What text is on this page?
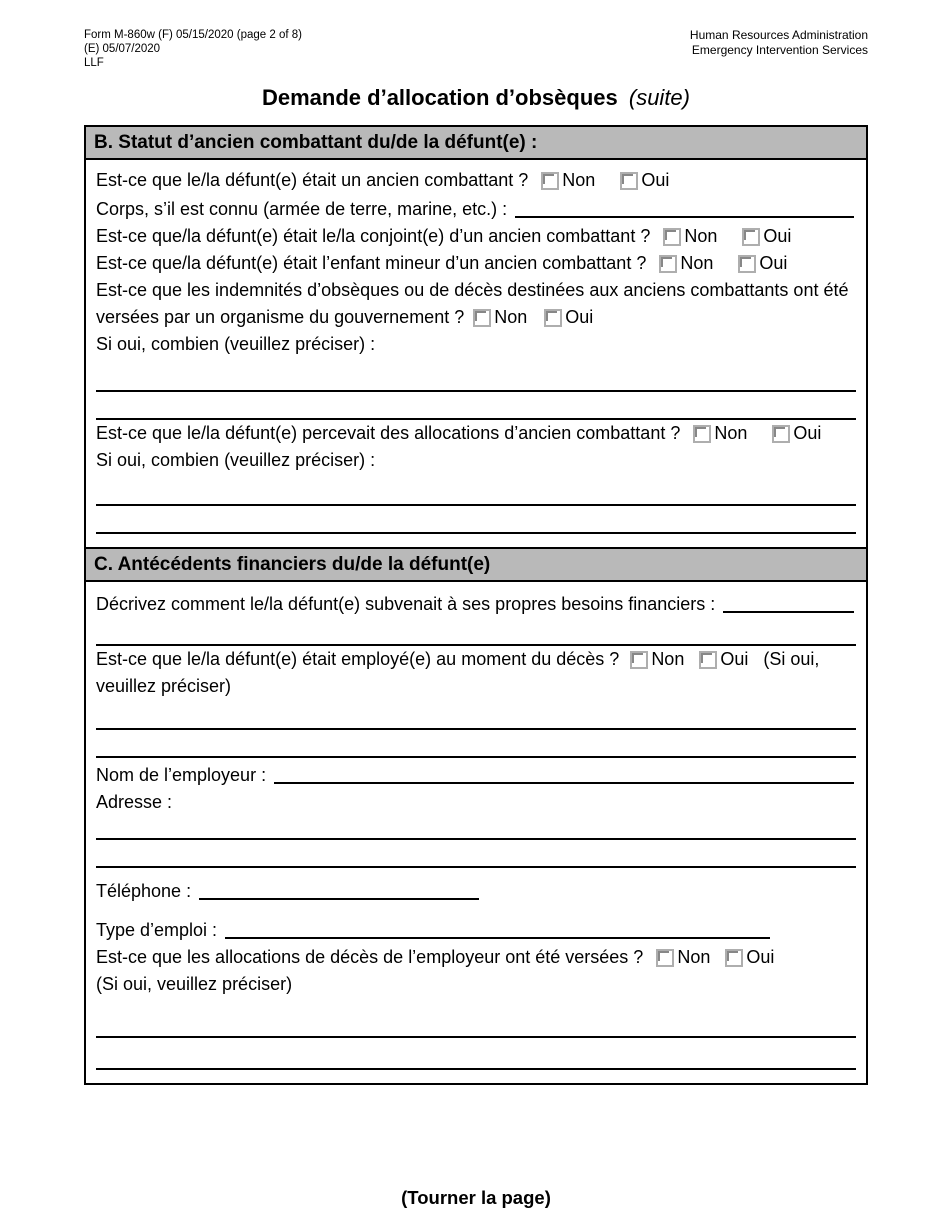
Form M-860w (F) 05/15/2020 (page 2 of 8)
(E) 05/07/2020
LLF
Human Resources Administration
Emergency Intervention Services
Demande d’allocation d’obsèques (suite)
B. Statut d’ancien combattant du/de la défunt(e) :

Est-ce que le/la défunt(e) était un ancien combattant ? Non	Oui

Corps, s’il est connu (armée de terre, marine, etc.) :

Est-ce que/la défunt(e) était le/la conjoint(e) d’un ancien combattant ? Non	Oui

Est-ce que/la défunt(e) était l’enfant mineur d’un ancien combattant ? Non	Oui

Est-ce que les indemnités d’obsèques ou de décès destinées aux anciens combattants ont été versées par un organisme du gouvernement ? Non Oui

Si oui, combien (veuillez préciser) :

Est-ce que le/la défunt(e) percevait des allocations d’ancien combattant ? Non	Oui

Si oui, combien (veuillez préciser) :

C. Antécédents financiers du/de la défunt(e)
Décrivez comment le/la défunt(e) subvenait à ses propres besoins financiers :

Est-ce que le/la défunt(e) était employé(e) au moment du décès ? Non Oui (Si oui, veuillez préciser)

Nom de l’employeur :

Adresse :

Téléphone :
Type d’emploi :

Est-ce que les allocations de décès de l’employeur ont été versées ? Non Oui
(Si oui, veuillez préciser)

(Tourner la page)
